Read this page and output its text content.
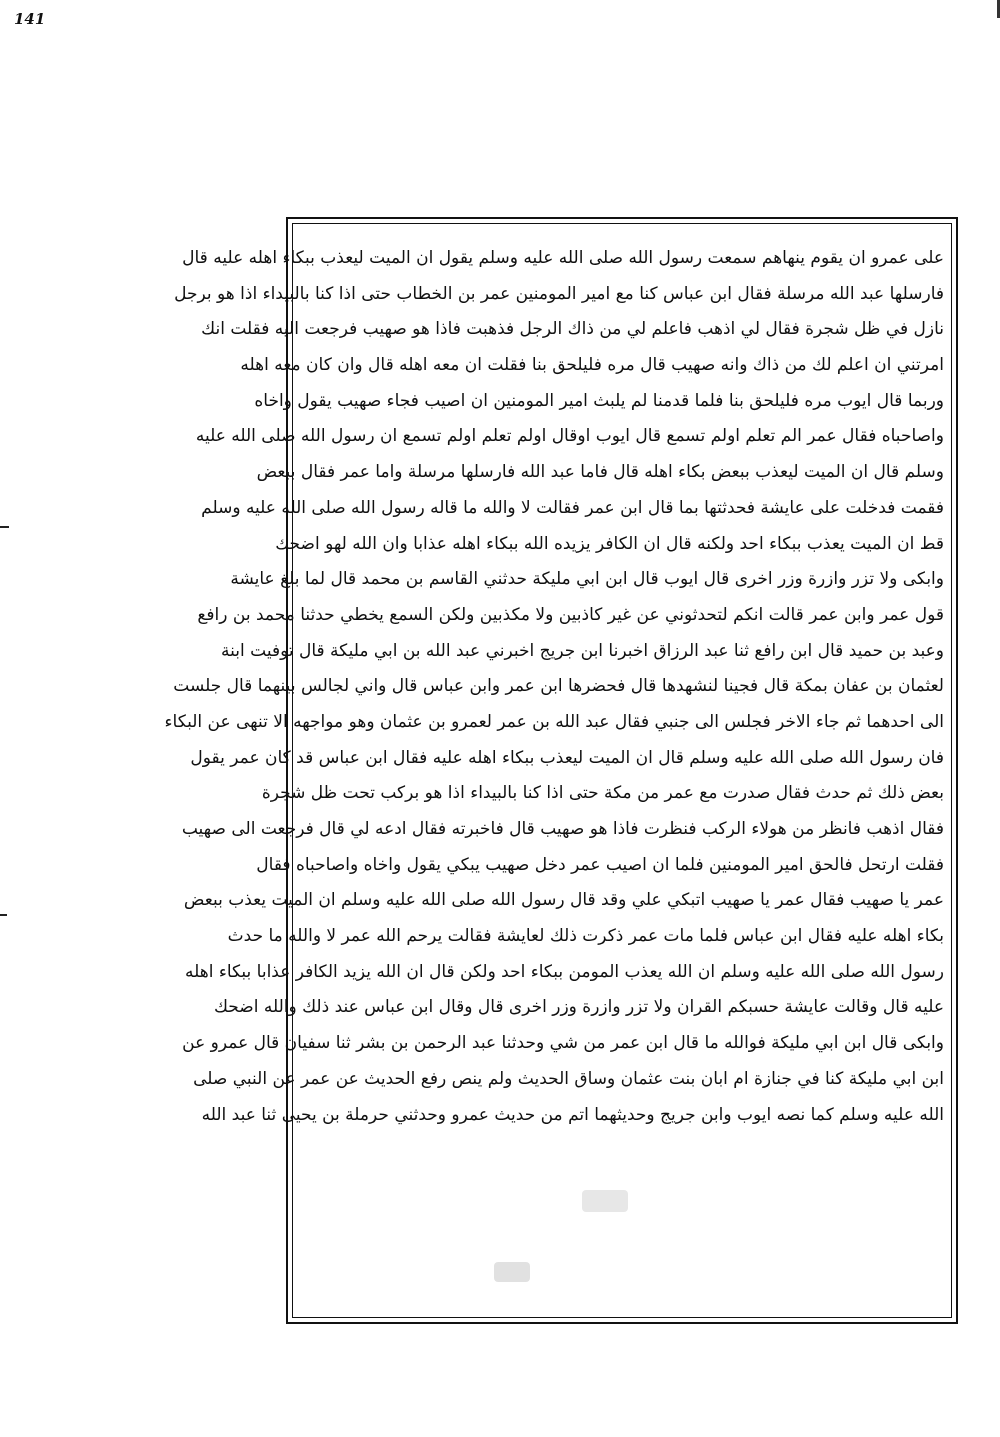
141
على عمرو ان يقوم ينهاهم سمعت رسول الله صلى الله عليه وسلم يقول ان الميت ليعذب ببكاء اهله عليه قال
فارسلها عبد الله مرسلة فقال ابن عباس كنا مع امير المومنين عمر بن الخطاب حتى اذا كنا بالبيداء اذا هو برجل
نازل في ظل شجرة فقال لي اذهب فاعلم لي من ذاك الرجل فذهبت فاذا هو صهيب فرجعت اليه فقلت انك
امرتني ان اعلم لك من ذاك وانه صهيب قال مره فليلحق بنا فقلت ان معه اهله قال وان كان معه اهله
وربما قال ايوب مره فليلحق بنا فلما قدمنا لم يلبث امير المومنين ان اصيب فجاء صهيب يقول واخاه
واصاحباه فقال عمر الم تعلم اولم تسمع قال ايوب اوقال اولم تعلم اولم تسمع ان رسول الله صلى الله عليه
وسلم قال ان الميت ليعذب ببعض بكاء اهله قال فاما عبد الله فارسلها مرسلة واما عمر فقال ببعض
فقمت فدخلت على عايشة فحدثتها بما قال ابن عمر فقالت لا والله ما قاله رسول الله صلى الله عليه وسلم
قط ان الميت يعذب ببكاء احد ولكنه قال ان الكافر يزيده الله ببكاء اهله عذابا وان الله لهو اضحك
وابكى ولا تزر وازرة وزر اخرى قال ايوب قال ابن ابي مليكة حدثني القاسم بن محمد قال لما بلغ عايشة
قول عمر وابن عمر قالت انكم لتحدثوني عن غير كاذبين ولا مكذبين ولكن السمع يخطي حدثنا محمد بن رافع
وعبد بن حميد قال ابن رافع ثنا عبد الرزاق اخبرنا ابن جريج اخبرني عبد الله بن ابي مليكة قال توفيت ابنة
لعثمان بن عفان بمكة قال فجينا لنشهدها قال فحضرها ابن عمر وابن عباس قال واني لجالس بينهما قال جلست
الى احدهما ثم جاء الاخر فجلس الى جنبي فقال عبد الله بن عمر لعمرو بن عثمان وهو مواجهه الا تنهى عن البكاء
فان رسول الله صلى الله عليه وسلم قال ان الميت ليعذب ببكاء اهله عليه فقال ابن عباس قد كان عمر يقول
بعض ذلك ثم حدث فقال صدرت مع عمر من مكة حتى اذا كنا بالبيداء اذا هو بركب تحت ظل شجرة
فقال اذهب فانظر من هولاء الركب فنظرت فاذا هو صهيب قال فاخبرته فقال ادعه لي قال فرجعت الى صهيب
فقلت ارتحل فالحق امير المومنين فلما ان اصيب عمر دخل صهيب يبكي يقول واخاه واصاحباه فقال
عمر يا صهيب فقال عمر يا صهيب اتبكي علي وقد قال رسول الله صلى الله عليه وسلم ان الميت يعذب ببعض
بكاء اهله عليه فقال ابن عباس فلما مات عمر ذكرت ذلك لعايشة فقالت يرحم الله عمر لا والله ما حدث
رسول الله صلى الله عليه وسلم ان الله يعذب المومن ببكاء احد ولكن قال ان الله يزيد الكافر عذابا ببكاء اهله
عليه قال وقالت عايشة حسبكم القران ولا تزر وازرة وزر اخرى قال وقال ابن عباس عند ذلك والله اضحك
وابكى قال ابن ابي مليكة فوالله ما قال ابن عمر من شي وحدثنا عبد الرحمن بن بشر ثنا سفيان قال عمرو عن
ابن ابي مليكة كنا في جنازة ام ابان بنت عثمان وساق الحديث ولم ينص رفع الحديث عن عمر عن النبي صلى
الله عليه وسلم كما نصه ايوب وابن جريج وحديثهما اتم من حديث عمرو وحدثني حرملة بن يحيى ثنا عبد الله
